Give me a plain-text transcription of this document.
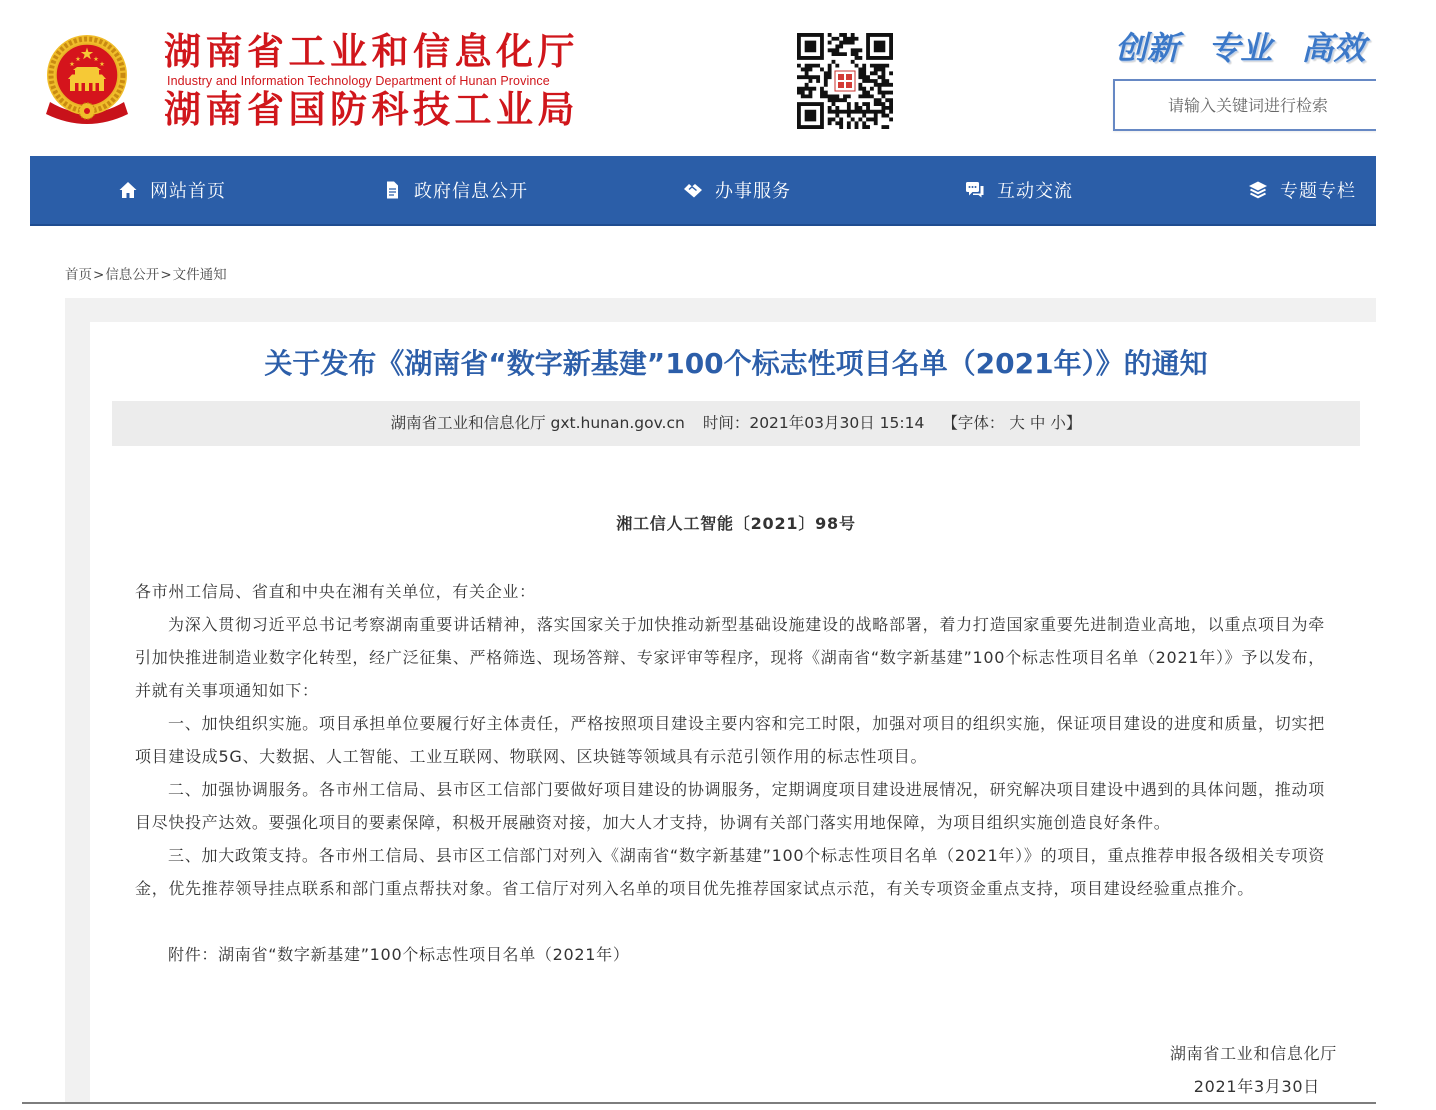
湖南省工业和信息化厅
Industry and Information Technology Department of Hunan Province
湖南省国防科技工业局
创新 专业 高效
请输入关键词进行检索
网站首页	政府信息公开	办事服务	互动交流	专题专栏
首页>信息公开>文件通知
关于发布《湖南省“数字新基建”100个标志性项目名单（2021年）》的通知
湖南省工业和信息化厅 gxt.hunan.gov.cn 时间：2021年03月30日 15:14 【字体： 大 中 小】
湘工信人工智能〔2021〕98号

各市州工信局、省直和中央在湘有关单位，有关企业：

为深入贯彻习近平总书记考察湖南重要讲话精神，落实国家关于加快推动新型基础设施建设的战略部署，着力打造国家重要先进制造业高地，以重点项目为牵引加快推进制造业数字化转型，经广泛征集、严格筛选、现场答辩、专家评审等程序，现将《湖南省“数字新基建”100个标志性项目名单（2021年）》予以发布，并就有关事项通知如下：

一、加快组织实施。项目承担单位要履行好主体责任，严格按照项目建设主要内容和完工时限，加强对项目的组织实施，保证项目建设的进度和质量，切实把项目建设成5G、大数据、人工智能、工业互联网、物联网、区块链等领域具有示范引领作用的标志性项目。

二、加强协调服务。各市州工信局、县市区工信部门要做好项目建设的协调服务，定期调度项目建设进展情况，研究解决项目建设中遇到的具体问题，推动项目尽快投产达效。要强化项目的要素保障，积极开展融资对接，加大人才支持，协调有关部门落实用地保障，为项目组织实施创造良好条件。

三、加大政策支持。各市州工信局、县市区工信部门对列入《湖南省“数字新基建”100个标志性项目名单（2021年）》的项目，重点推荐申报各级相关专项资金，优先推荐领导挂点联系和部门重点帮扶对象。省工信厅对列入名单的项目优先推荐国家试点示范，有关专项资金重点支持，项目建设经验重点推介。

附件：湖南省“数字新基建”100个标志性项目名单（2021年）

湖南省工业和信息化厅
2021年3月30日
